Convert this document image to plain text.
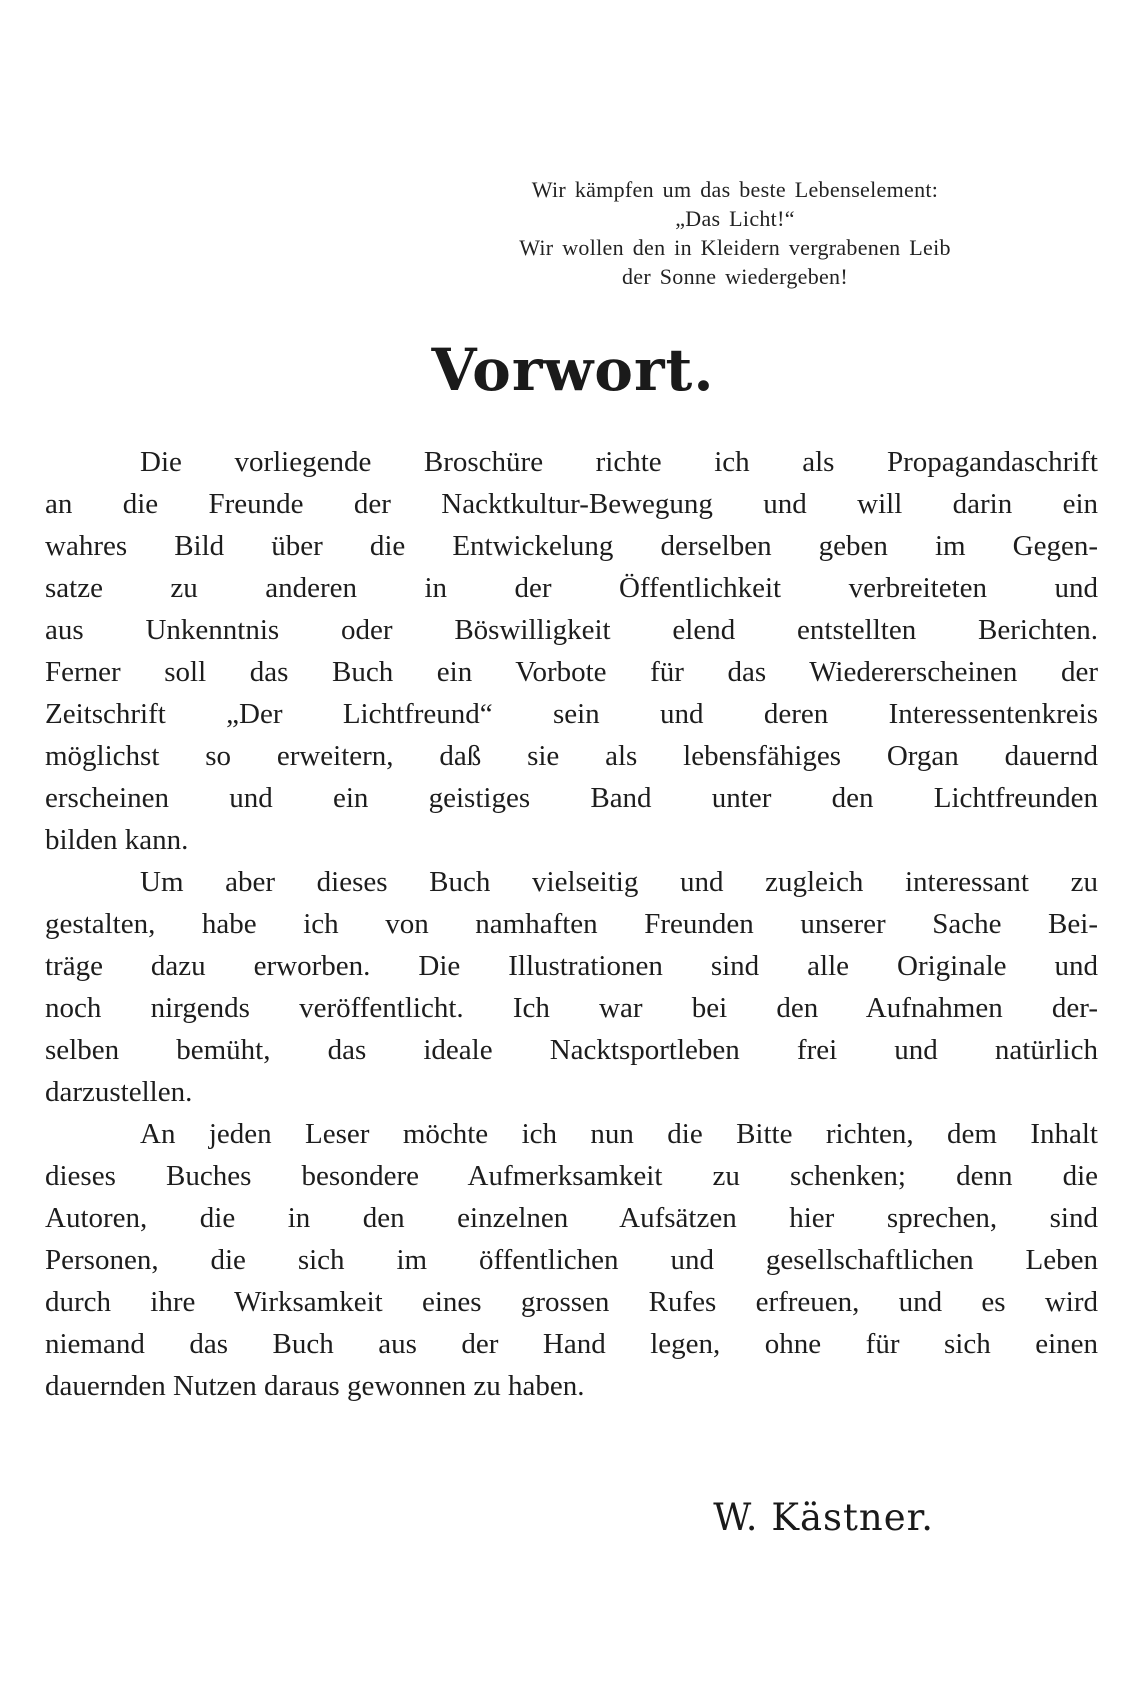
Wir kämpfen um das beste Lebenselement:
„Das Licht!“
Wir wollen den in Kleidern vergrabenen Leib
der Sonne wiedergeben!
Vorwort.
Die vorliegende Broschüre richte ich als Propagandaschrift
an die Freunde der Nacktkultur-Bewegung und will darin ein
wahres Bild über die Entwickelung derselben geben im Gegen-
satze zu anderen in der Öffentlichkeit verbreiteten und
aus Unkenntnis oder Böswilligkeit elend entstellten Berichten.
Ferner soll das Buch ein Vorbote für das Wiedererscheinen der
Zeitschrift „Der Lichtfreund“ sein und deren Interessentenkreis
möglichst so erweitern, daß sie als lebensfähiges Organ dauernd
erscheinen und ein geistiges Band unter den Lichtfreunden
bilden kann.
Um aber dieses Buch vielseitig und zugleich interessant zu
gestalten, habe ich von namhaften Freunden unserer Sache Bei-
träge dazu erworben. Die Illustrationen sind alle Originale und
noch nirgends veröffentlicht. Ich war bei den Aufnahmen der-
selben bemüht, das ideale Nacktsportleben frei und natürlich
darzustellen.
An jeden Leser möchte ich nun die Bitte richten, dem Inhalt
dieses Buches besondere Aufmerksamkeit zu schenken; denn die
Autoren, die in den einzelnen Aufsätzen hier sprechen, sind
Personen, die sich im öffentlichen und gesellschaftlichen Leben
durch ihre Wirksamkeit eines grossen Rufes erfreuen, und es wird
niemand das Buch aus der Hand legen, ohne für sich einen
dauernden Nutzen daraus gewonnen zu haben.
W. Kästner.
